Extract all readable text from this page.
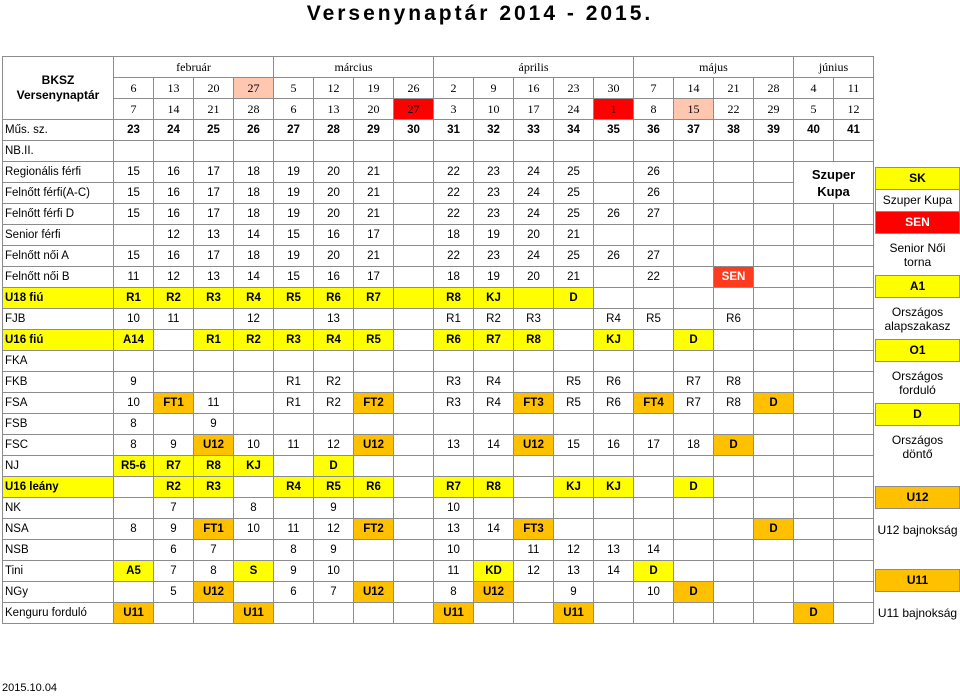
Versenynaptár 2014 - 2015.
BKSZ Versenynaptár	február				március				április					május				június	
	6	13	20	27	5	12	19	26	2	9	16	23	30	7	14	21	28	4	11
	7	14	21	28	6	13	20	27	3	10	17	24	1	8	15	22	29	5	12
Műs. sz.	23	24	25	26	27	28	29	30	31	32	33	34	35	36	37	38	39	40	41
NB.II.																			
Regionális férfi	15	16	17	18	19	20	21		22	23	24	25		26				Szuper Kupa	
Felnőtt férfi(A-C)	15	16	17	18	19	20	21		22	23	24	25		26					
Felnőtt férfi D	15	16	17	18	19	20	21		22	23	24	25	26	27					
Senior férfi		12	13	14	15	16	17		18	19	20	21							
Felnőtt női A	15	16	17	18	19	20	21		22	23	24	25	26	27					
Felnőtt női B	11	12	13	14	15	16	17		18	19	20	21		22		SEN			
U18 fiú	R1	R2	R3	R4	R5	R6	R7		R8	KJ		D							
FJB	10	11		12		13			R1	R2	R3		R4	R5		R6			
U16 fiú	A14		R1	R2	R3	R4	R5		R6	R7	R8		KJ		D				
FKA																			
FKB	9				R1	R2			R3	R4		R5	R6		R7	R8			
FSA	10	FT1	11		R1	R2	FT2		R3	R4	FT3	R5	R6	FT4	R7	R8	D		
FSB	8		9																
FSC	8	9	U12	10	11	12	U12		13	14	U12	15	16	17	18	D			
NJ	R5-6	R7	R8	KJ		D													
U16 leány		R2	R3		R4	R5	R6		R7	R8		KJ	KJ		D				
NK		7		8		9			10										
NSA	8	9	FT1	10	11	12	FT2		13	14	FT3						D		
NSB		6	7		8	9			10		11	12	13	14					
Tini	A5	7	8	S	9	10			11	KD	12	13	14	D					
NGy		5	U12		6	7	U12		8	U12		9		10	D				
Kenguru forduló	U11			U11					U11			U11						D	
SK
Szuper Kupa
SEN
Senior Női torna
A1
Országos alapszakasz
O1
Országos forduló
D
Országos döntő

U12
U12 bajnokság

U11
U11 bajnokság
2015.10.04
